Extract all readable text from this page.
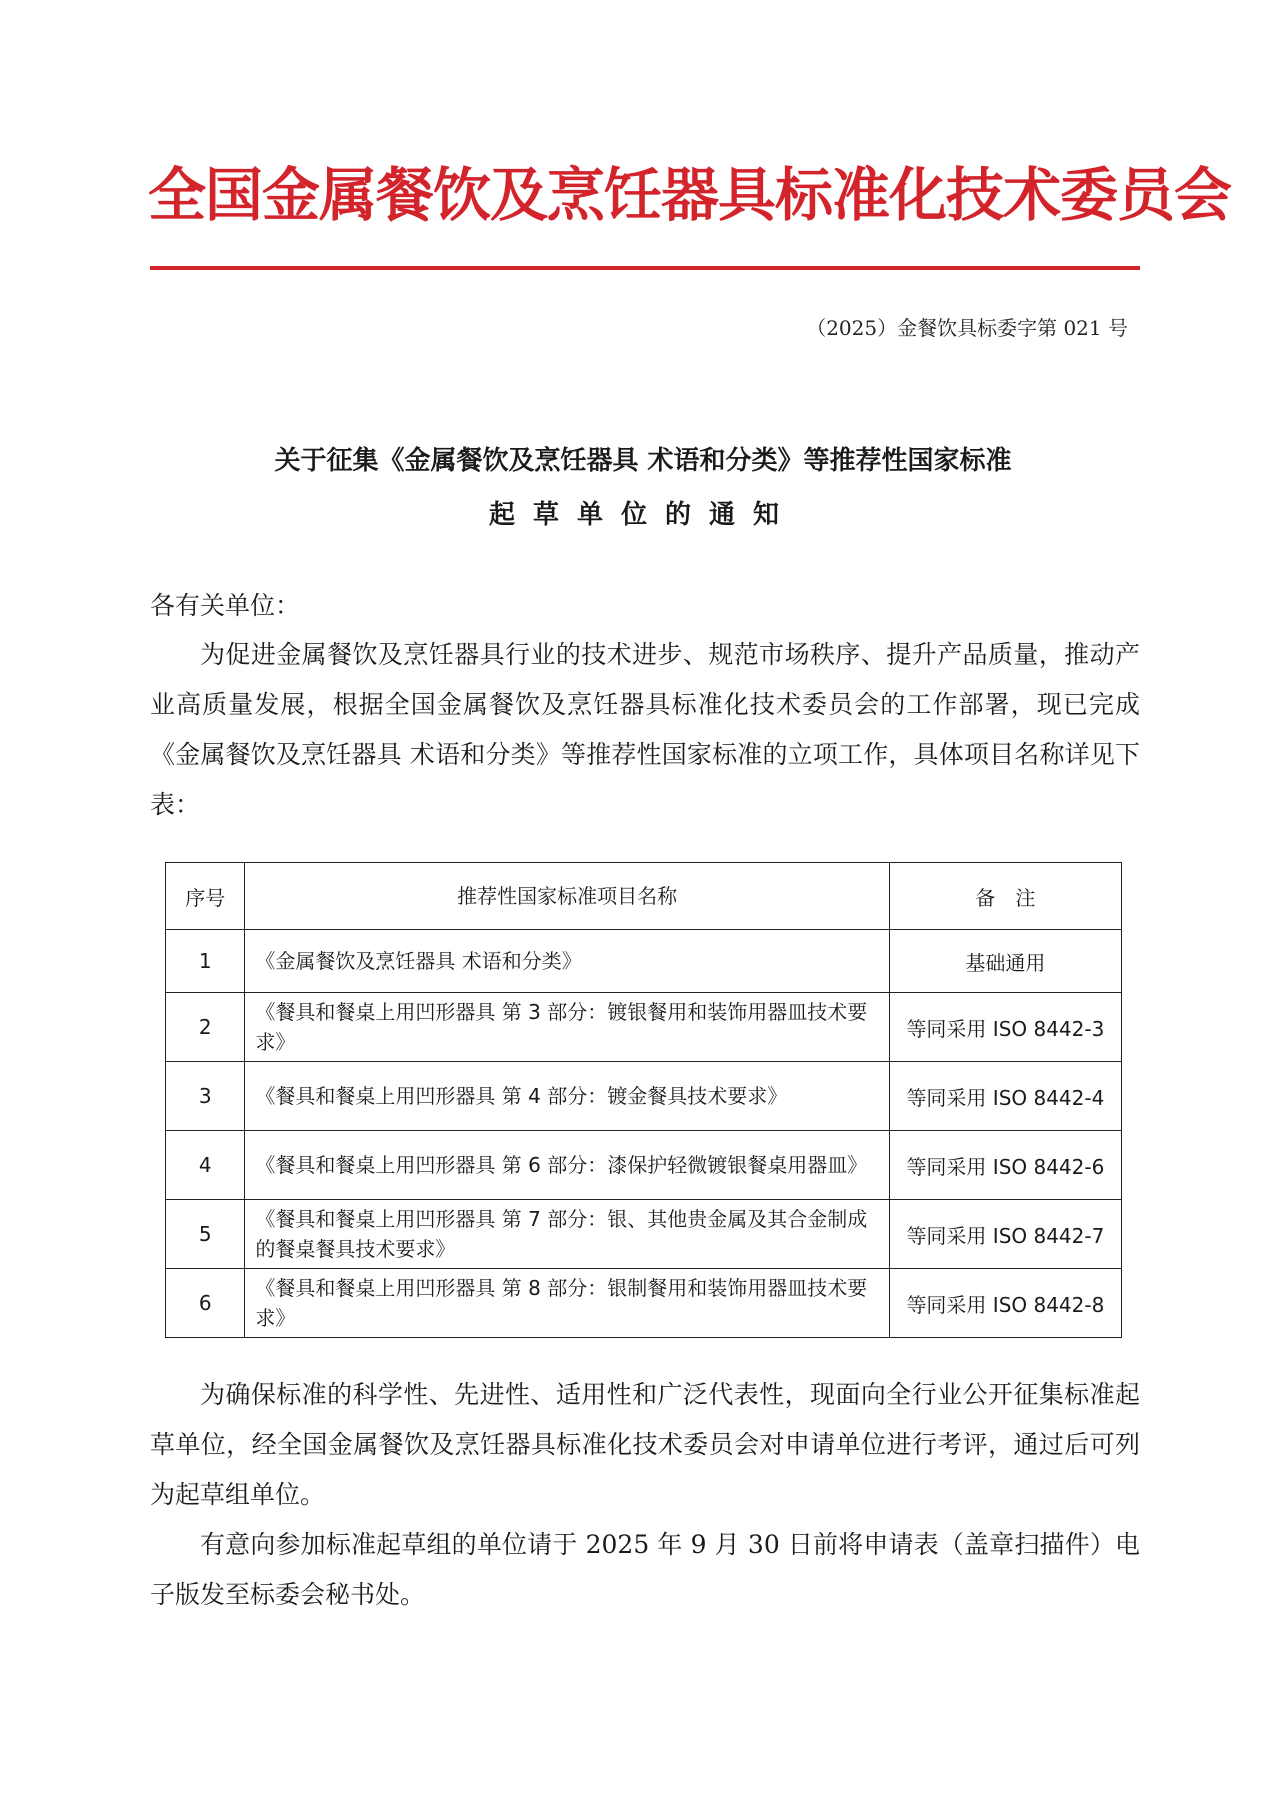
全国金属餐饮及烹饪器具标准化技术委员会
（2025）金餐饮具标委字第 021 号
关于征集《金属餐饮及烹饪器具 术语和分类》等推荐性国家标准
起草单位的通知
各有关单位：
为促进金属餐饮及烹饪器具行业的技术进步、规范市场秩序、提升产品质量，推动产业高质量发展，根据全国金属餐饮及烹饪器具标准化技术委员会的工作部署，现已完成《金属餐饮及烹饪器具 术语和分类》等推荐性国家标准的立项工作，具体项目名称详见下表：
序号	推荐性国家标准项目名称	备　注
1	《金属餐饮及烹饪器具 术语和分类》	基础通用
2	《餐具和餐桌上用凹形器具 第 3 部分：镀银餐用和装饰用器皿技术要求》	等同采用 ISO 8442-3
3	《餐具和餐桌上用凹形器具 第 4 部分：镀金餐具技术要求》	等同采用 ISO 8442-4
4	《餐具和餐桌上用凹形器具 第 6 部分：漆保护轻微镀银餐桌用器皿》	等同采用 ISO 8442-6
5	《餐具和餐桌上用凹形器具 第 7 部分：银、其他贵金属及其合金制成的餐桌餐具技术要求》	等同采用 ISO 8442-7
6	《餐具和餐桌上用凹形器具 第 8 部分：银制餐用和装饰用器皿技术要求》	等同采用 ISO 8442-8
为确保标准的科学性、先进性、适用性和广泛代表性，现面向全行业公开征集标准起草单位，经全国金属餐饮及烹饪器具标准化技术委员会对申请单位进行考评，通过后可列为起草组单位。
有意向参加标准起草组的单位请于 2025 年 9 月 30 日前将申请表（盖章扫描件）电子版发至标委会秘书处。
